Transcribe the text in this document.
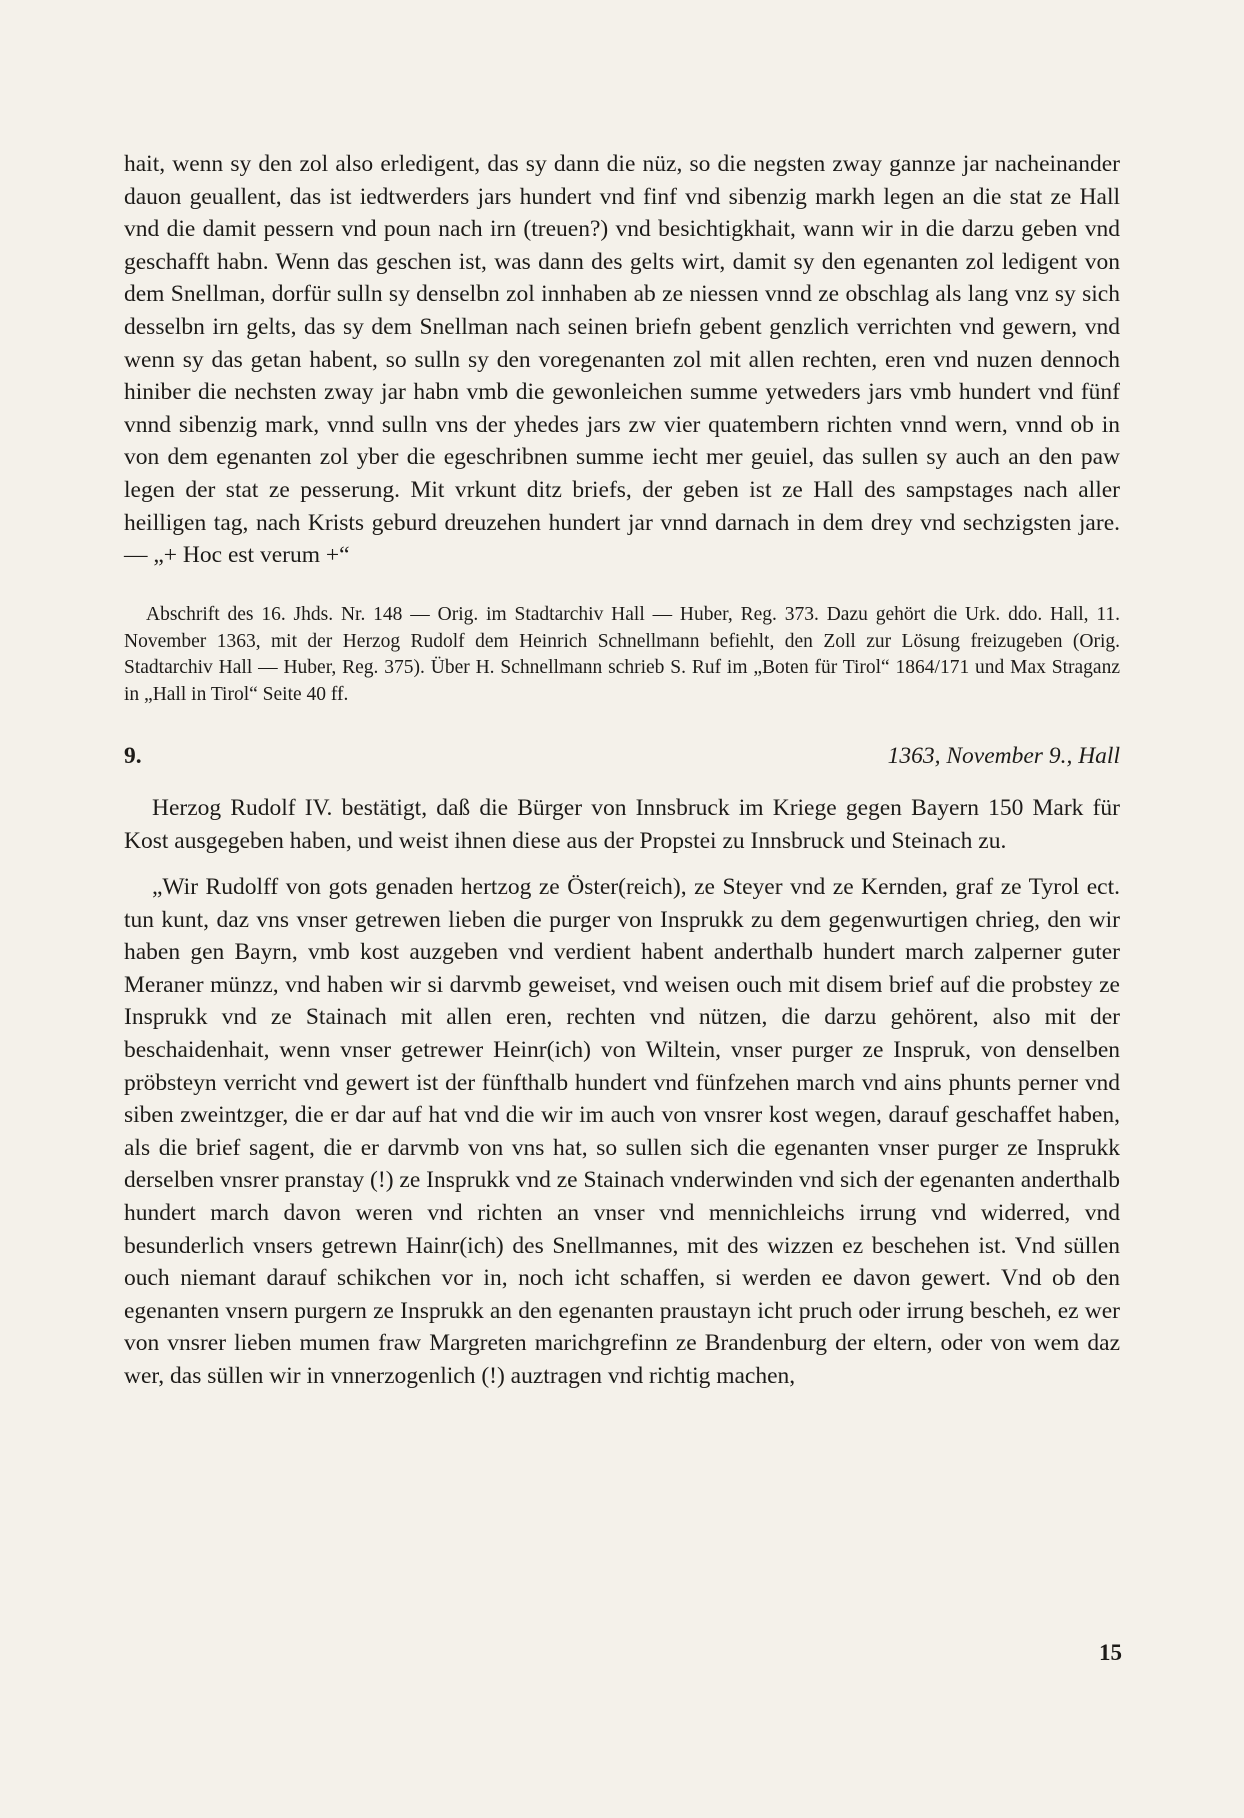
hait, wenn sy den zol also erledigent, das sy dann die nüz, so die negsten zway gannze jar nacheinander dauon geuallent, das ist iedtwerders jars hundert vnd finf vnd sibenzig markh legen an die stat ze Hall vnd die damit pessern vnd poun nach irn (treuen?) vnd besichtigkhait, wann wir in die darzu geben vnd geschafft habn. Wenn das geschen ist, was dann des gelts wirt, damit sy den egenanten zol ledigent von dem Snellman, dorfür sulln sy denselbn zol innhaben ab ze niessen vnnd ze obschlag als lang vnz sy sich desselbn irn gelts, das sy dem Snellman nach seinen briefn gebent genzlich verrichten vnd gewern, vnd wenn sy das getan habent, so sulln sy den voregenanten zol mit allen rechten, eren vnd nuzen dennoch hiniber die nechsten zway jar habn vmb die gewonleichen summe yetweders jars vmb hundert vnd fünf vnnd sibenzig mark, vnnd sulln vns der yhedes jars zw vier quatembern richten vnnd wern, vnnd ob in von dem egenanten zol yber die egeschribnen summe iecht mer geuiel, das sullen sy auch an den paw legen der stat ze pesserung. Mit vrkunt ditz briefs, der geben ist ze Hall des sampstages nach aller heilligen tag, nach Krists geburd dreuzehen hundert jar vnnd darnach in dem drey vnd sechzigsten jare. — „+ Hoc est verum +“

Abschrift des 16. Jhds. Nr. 148 — Orig. im Stadtarchiv Hall — Huber, Reg. 373. Dazu gehört die Urk. ddo. Hall, 11. November 1363, mit der Herzog Rudolf dem Heinrich Schnellmann befiehlt, den Zoll zur Lösung freizugeben (Orig. Stadtarchiv Hall — Huber, Reg. 375). Über H. Schnellmann schrieb S. Ruf im „Boten für Tirol“ 1864/171 und Max Straganz in „Hall in Tirol“ Seite 40 ff.

9.	1363, November 9., Hall

Herzog Rudolf IV. bestätigt, daß die Bürger von Innsbruck im Kriege gegen Bayern 150 Mark für Kost ausgegeben haben, und weist ihnen diese aus der Propstei zu Innsbruck und Steinach zu.

„Wir Rudolff von gots genaden hertzog ze Öster(reich), ze Steyer vnd ze Kernden, graf ze Tyrol ect. tun kunt, daz vns vnser getrewen lieben die purger von Insprukk zu dem gegenwurtigen chrieg, den wir haben gen Bayrn, vmb kost auzgeben vnd verdient habent anderthalb hundert march zalperner guter Meraner münzz, vnd haben wir si darvmb geweiset, vnd weisen ouch mit disem brief auf die probstey ze Insprukk vnd ze Stainach mit allen eren, rechten vnd nützen, die darzu gehörent, also mit der beschaidenhait, wenn vnser getrewer Heinr(ich) von Wiltein, vnser purger ze Inspruk, von denselben pröbsteyn verricht vnd gewert ist der fünfthalb hundert vnd fünfzehen march vnd ains phunts perner vnd siben zweintzger, die er dar auf hat vnd die wir im auch von vnsrer kost wegen, darauf geschaffet haben, als die brief sagent, die er darvmb von vns hat, so sullen sich die egenanten vnser purger ze Insprukk derselben vnsrer pranstay (!) ze Insprukk vnd ze Stainach vnderwinden vnd sich der egenanten anderthalb hundert march davon weren vnd richten an vnser vnd mennichleichs irrung vnd widerred, vnd besunderlich vnsers getrewn Hainr(ich) des Snellmannes, mit des wizzen ez beschehen ist. Vnd süllen ouch niemant darauf schikchen vor in, noch icht schaffen, si werden ee davon gewert. Vnd ob den egenanten vnsern purgern ze Insprukk an den egenanten praustayn icht pruch oder irrung bescheh, ez wer von vnsrer lieben mumen fraw Margreten marichgrefinn ze Brandenburg der eltern, oder von wem daz wer, das süllen wir in vnnerzogenlich (!) auztragen vnd richtig machen,

15
